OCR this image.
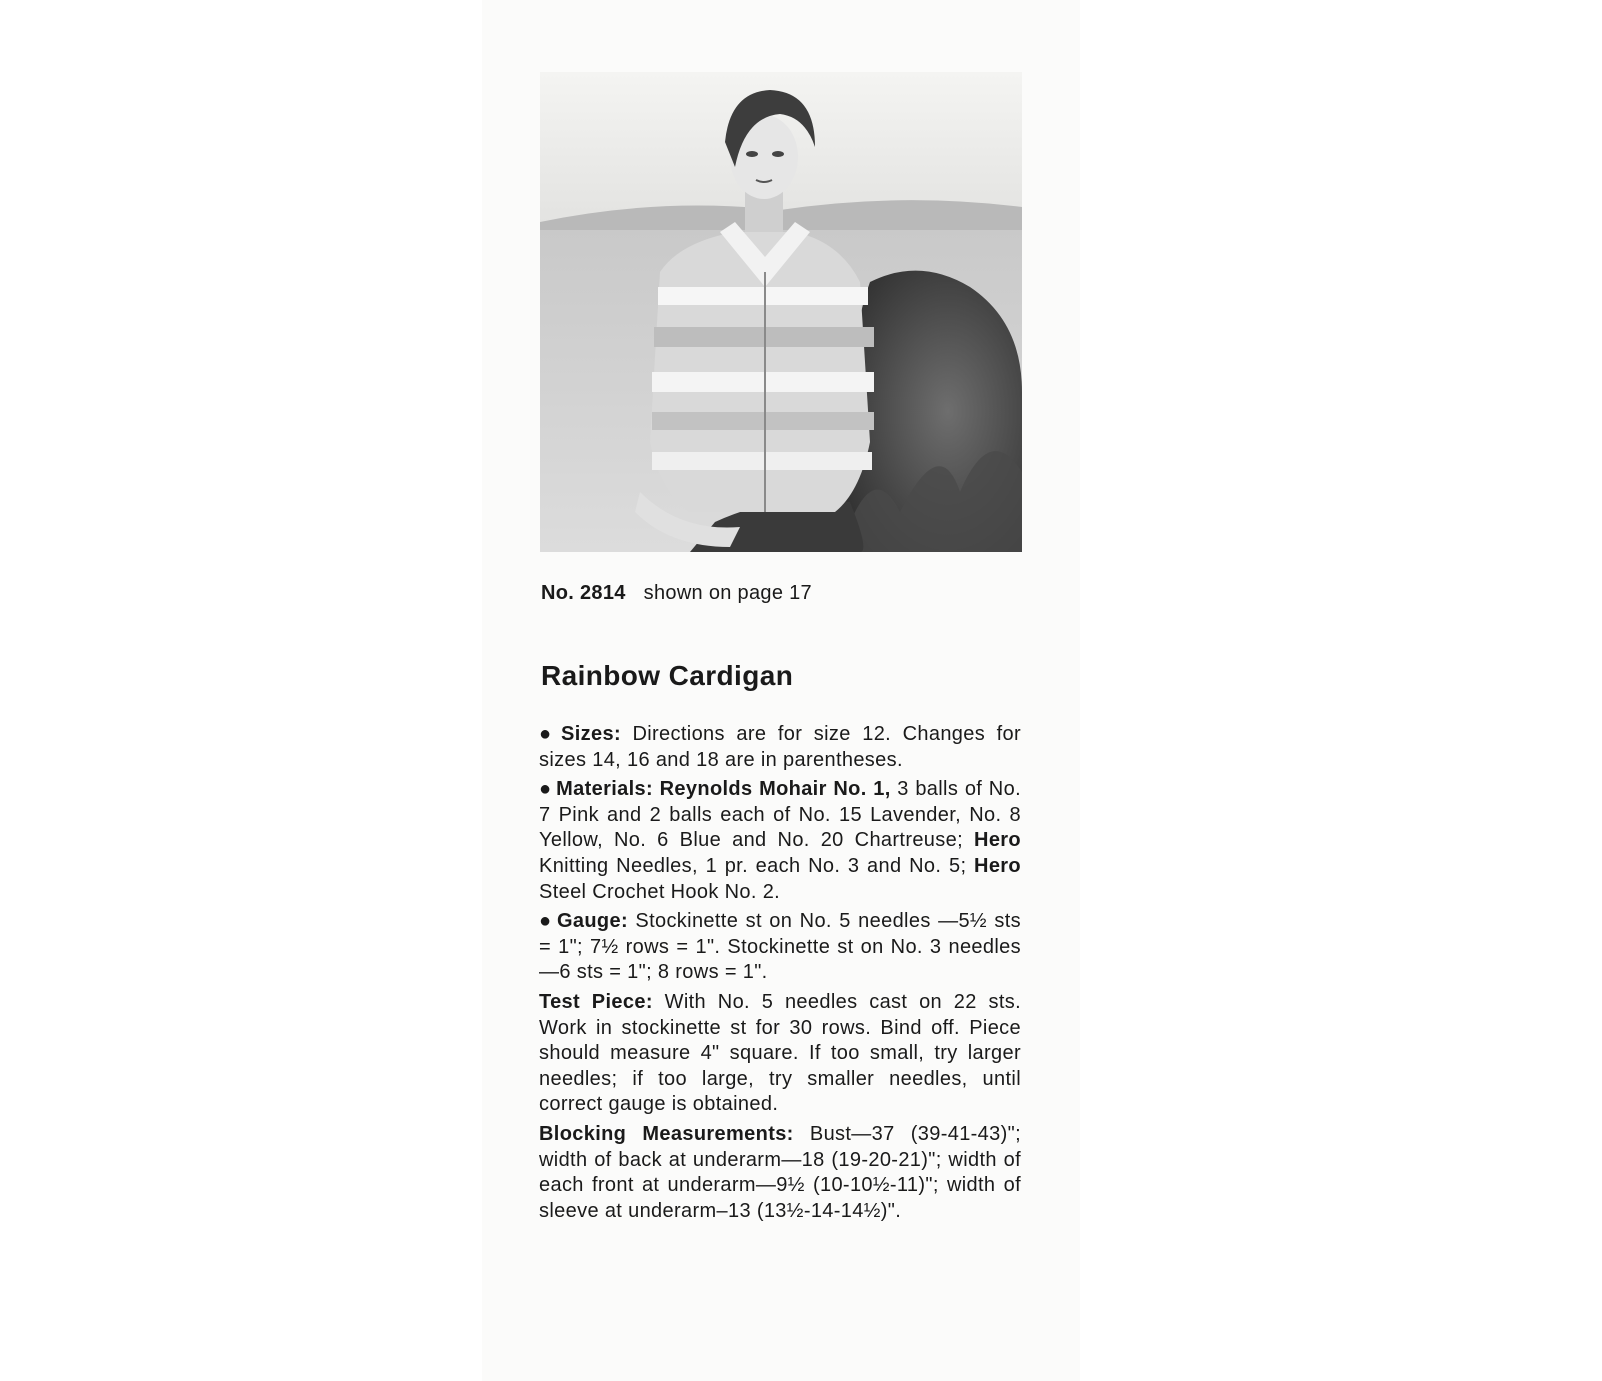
No. 2814 shown on page 17
Rainbow Cardigan

● Sizes: Directions are for size 12. Changes for sizes 14, 16 and 18 are in parentheses.

● Materials: Reynolds Mohair No. 1, 3 balls of No. 7 Pink and 2 balls each of No. 15 Lavender, No. 8 Yellow, No. 6 Blue and No. 20 Chartreuse; Hero Knitting Needles, 1 pr. each No. 3 and No. 5; Hero Steel Crochet Hook No. 2.

● Gauge: Stockinette st on No. 5 needles —5½ sts = 1"; 7½ rows = 1". Stockinette st on No. 3 needles—6 sts = 1"; 8 rows = 1".

Test Piece: With No. 5 needles cast on 22 sts. Work in stockinette st for 30 rows. Bind off. Piece should measure 4" square. If too small, try larger needles; if too large, try smaller needles, until correct gauge is obtained.

Blocking Measurements: Bust—37 (39-41-43)"; width of back at underarm—18 (19-20-21)"; width of each front at underarm—9½ (10-10½-11)"; width of sleeve at underarm–13 (13½-14-14½)".
